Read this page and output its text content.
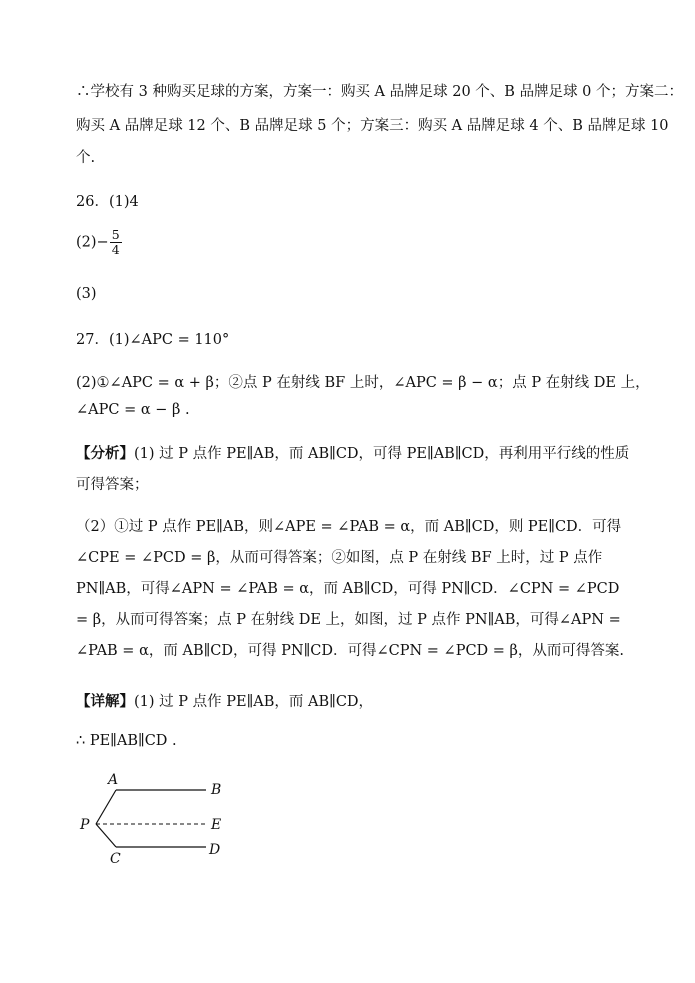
∴学校有 3 种购买足球的方案，方案一：购买 A 品牌足球 20 个、B 品牌足球 0 个；方案二：
购买 A 品牌足球 12 个、B 品牌足球 5 个；方案三：购买 A 品牌足球 4 个、B 品牌足球 10
个.
26．(1)4
$(2)- \frac{5}{4}$
(3)
27．(1)∠APC = 110°
(2)①∠APC = α + β；②点 P 在射线 BF 上时，∠APC = β − α；点 P 在射线 DE 上，
∠APC = α − β .
【分析】(1) 过 P 点作 PE∥AB，而 AB∥CD，可得 PE∥AB∥CD，再利用平行线的性质可得答案；
（2）①过 P 点作 PE∥AB，则∠APE = ∠PAB = α，而 AB∥CD，则 PE∥CD．可得∠CPE = ∠PCD = β，从而可得答案；②如图，点 P 在射线 BF 上时，过 P 点作 PN∥AB，可得∠APN = ∠PAB = α，而 AB∥CD，可得 PN∥CD．∠CPN = ∠PCD = β，从而可得答案；点 P 在射线 DE 上，如图，过 P 点作 PN∥AB，可得∠APN = ∠PAB = α，而 AB∥CD，可得 PN∥CD．可得∠CPN = ∠PCD = β，从而可得答案.
【详解】(1) 过 P 点作 PE∥AB，而 AB∥CD，
∴ PE∥AB∥CD .
A
B
P	E
C
D
